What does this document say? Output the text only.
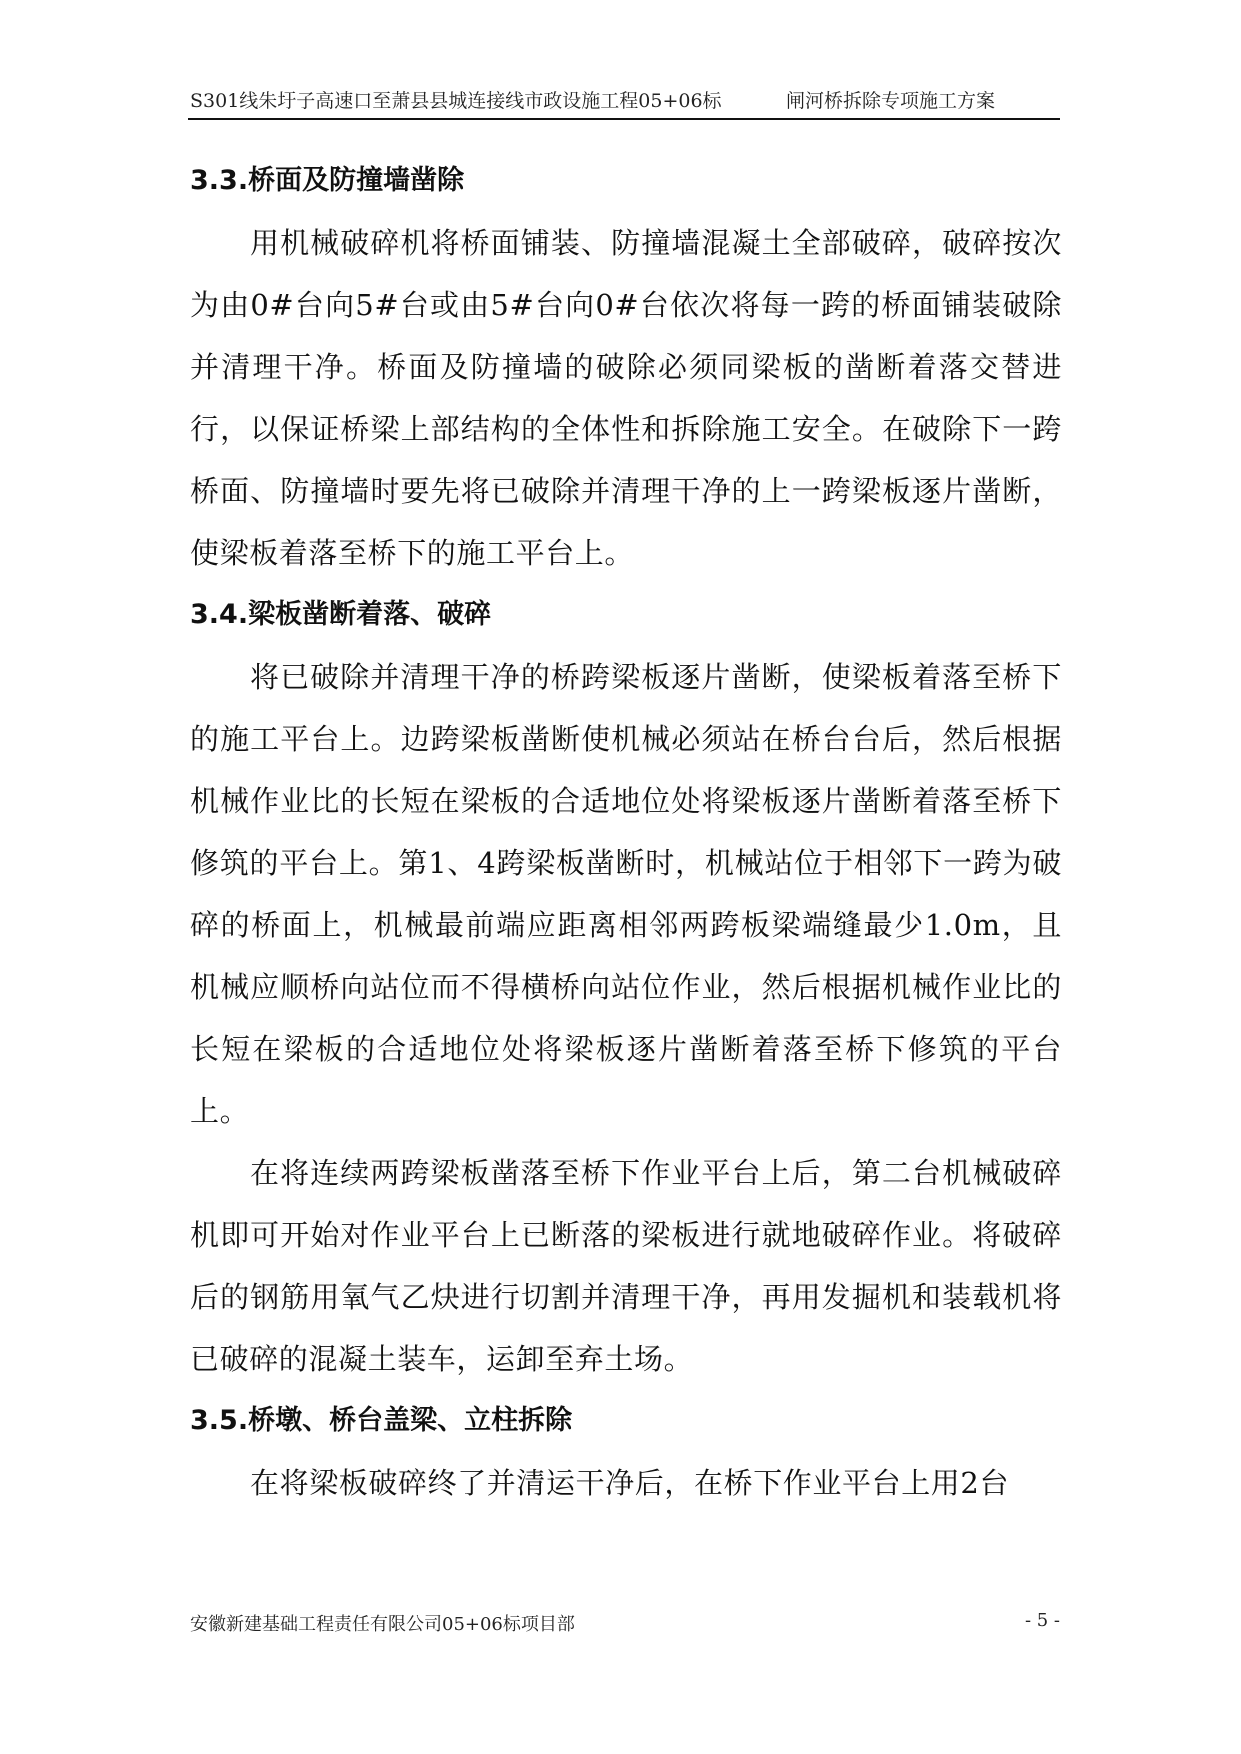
S301线朱圩子高速口至萧县县城连接线市政设施工程05+06标	闸河桥拆除专项施工方案
3.3.桥面及防撞墙凿除

用机械破碎机将桥面铺装、防撞墙混凝土全部破碎，破碎按次为由0#台向5#台或由5#台向0#台依次将每一跨的桥面铺装破除并清理干净。桥面及防撞墙的破除必须同梁板的凿断着落交替进行，以保证桥梁上部结构的全体性和拆除施工安全。在破除下一跨桥面、防撞墙时要先将已破除并清理干净的上一跨梁板逐片凿断，使梁板着落至桥下的施工平台上。

3.4.梁板凿断着落、破碎

将已破除并清理干净的桥跨梁板逐片凿断，使梁板着落至桥下的施工平台上。边跨梁板凿断使机械必须站在桥台台后，然后根据机械作业比的长短在梁板的合适地位处将梁板逐片凿断着落至桥下修筑的平台上。第1、4跨梁板凿断时，机械站位于相邻下一跨为破碎的桥面上，机械最前端应距离相邻两跨板梁端缝最少1.0m，且机械应顺桥向站位而不得横桥向站位作业，然后根据机械作业比的长短在梁板的合适地位处将梁板逐片凿断着落至桥下修筑的平台上。

在将连续两跨梁板凿落至桥下作业平台上后，第二台机械破碎机即可开始对作业平台上已断落的梁板进行就地破碎作业。将破碎后的钢筋用氧气乙炔进行切割并清理干净，再用发掘机和装载机将已破碎的混凝土装车，运卸至弃土场。

3.5.桥墩、桥台盖梁、立柱拆除

在将梁板破碎终了并清运干净后，在桥下作业平台上用2台

安徽新建基础工程责任有限公司05+06标项目部	- 5 -
